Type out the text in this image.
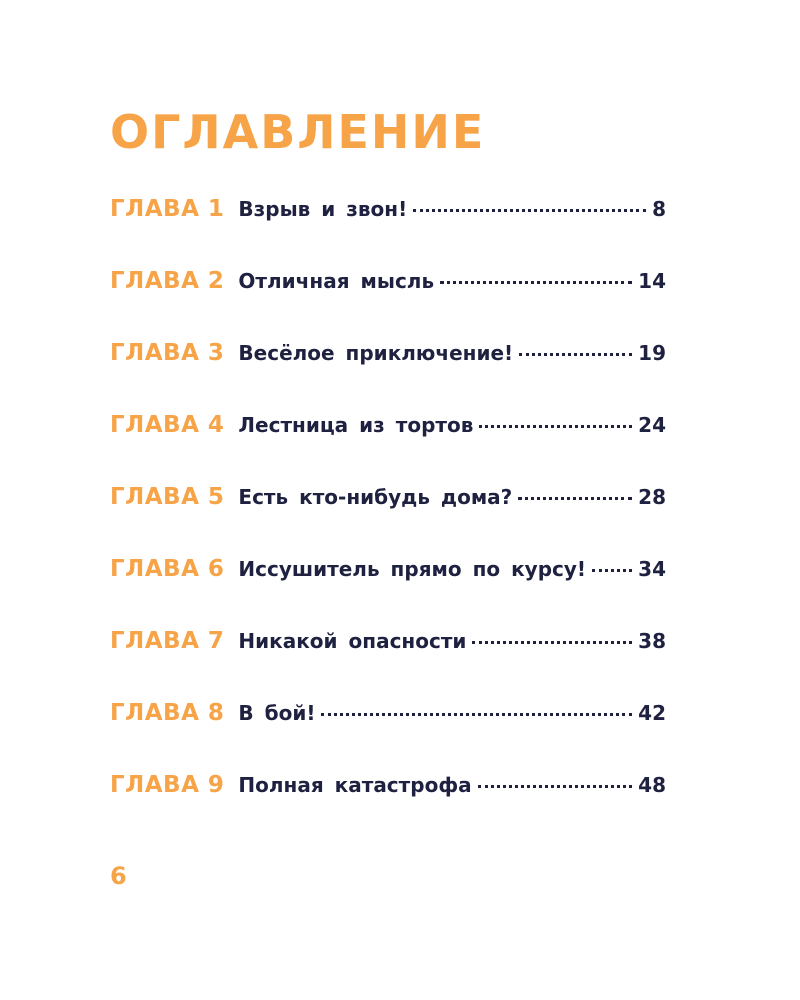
ОГЛАВЛЕНИЕ
ГЛАВА 1 Взрыв и звон!	8
ГЛАВА 2 Отличная мысль	14
ГЛАВА 3 Весёлое приключение!	19
ГЛАВА 4 Лестница из тортов	24
ГЛАВА 5 Есть кто-нибудь дома?	28
ГЛАВА 6 Иссушитель прямо по курсу!	34
ГЛАВА 7 Никакой опасности	38
ГЛАВА 8 В бой!	42
ГЛАВА 9 Полная катастрофа	48
6
